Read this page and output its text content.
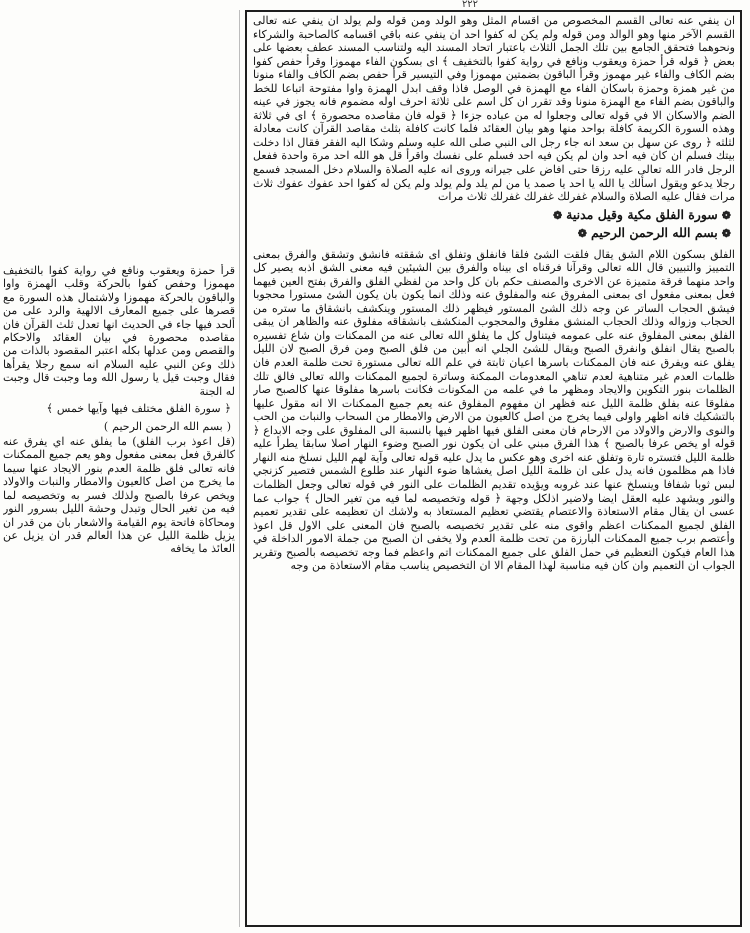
٢٢٢

قرأ حمزة ويعقوب ونافع في رواية كفوا بالتخفيف مهموزا وحفص كفوا بالحركة وقلب الهمزة واوا والباقون بالحركة مهموزا ولاشتمال هذه السورة مع قصرها على جميع المعارف الالهية والرد على من ألحد فيها جاء في الحديث انها تعدل ثلث القرآن فان مقاصده محصورة في بيان العقائد والاحكام والقصص ومن عدلها بكله اعتبر المقصود بالذات من ذلك وعن النبي عليه السلام انه سمع رجلا يقرأها فقال وجبت قيل يا رسول الله وما وجبت قال وجبت له الجنة

﴿سورة الفلق مختلف فيها وآيها خمس﴾
(بسم الله الرحمن الرحيم)

(قل اعوذ برب الفلق) ما يفلق عنه اي يفرق عنه كالفرق فعل بمعنى مفعول وهو يعم جميع الممكنات فانه تعالى فلق ظلمة العدم بنور الايجاد عنها سيما ما يخرج من اصل كالعيون والامطار والنبات والاولاد ويخص عرفا بالصبح ولذلك فسر به وتخصيصه لما فيه من تغير الحال وتبدل وحشة الليل بسرور النور ومحاكاة فاتحة يوم القيامة والاشعار بان من قدر ان يزيل ظلمة الليل عن هذا العالم قدر ان يزيل عن العائذ ما يخافه

ان ينفي عنه تعالى القسم المخصوص من اقسام المثل وهو الولد ومن قوله ولم يولد ان ينفي عنه تعالى القسم الآخر منها وهو الوالد ومن قوله ولم يكن له كفوا احد ان ينفي عنه باقي اقسامه كالصاحبة والشركاء ونحوهما فتحقق الجامع بين تلك الجمل الثلاث باعتبار اتحاد المسند اليه ولتناسب المسند عطف بعضها على بعض ﴿ قوله قرأ حمزة ويعقوب ونافع في رواية كفوا بالتخفيف ﴾ اى بسكون الفاء مهموزا وقرأ حفص كفوا بضم الكاف والفاء غير مهموز وقرأ الباقون بضمتين مهموزا وفي التيسير قرأ حفص بضم الكاف والفاء منونا من غير همزة وحمزة باسكان الفاء مع الهمزة في الوصل فاذا وقف ابدل الهمزة واوا مفتوحة اتباعا للخط والباقون بضم الفاء مع الهمزة منونا وقد تقرر ان كل اسم على ثلاثة احرف اوله مضموم فانه يجوز في عينه الضم والاسكان الا في قوله تعالى وجعلوا له من عباده جزءا ﴿ قوله فان مقاصده محصورة ﴾ اى في ثلاثة وهذه السورة الكريمة كافلة بواحد منها وهو بيان العقائد فلما كانت كافلة بثلث مقاصد القرآن كانت معادلة لثلثه ﴿ روى عن سهل بن سعد انه جاء رجل الى النبي صلى الله عليه وسلم وشكا اليه الفقر فقال اذا دخلت بيتك فسلم ان كان فيه احد وان لم يكن فيه احد فسلم على نفسك واقرأ قل هو الله احد مرة واحدة ففعل الرجل فادر الله تعالى عليه رزقا حتى افاض على جيرانه وروى انه عليه الصلاة والسلام دخل المسجد فسمع رجلا يدعو ويقول اسألك يا الله يا احد يا صمد يا من لم يلد ولم يولد ولم يكن له كفوا احد عفوك عفوك ثلاث مرات فقال عليه الصلاة والسلام غفرلك غفرلك غفرلك ثلاث مرات

❁سورة الفلق مكية وقيل مدنية❁

❁بسم الله الرحمن الرحيم❁

الفلق بسكون اللام الشق يقال فلقت الشئ فلقا فانفلق وتفلق اى شققته فانشق وتشقق والفرق بمعنى التمييز والتبيين قال الله تعالى وقرآنا فرقناه اى بيناه والفرق بين الشيئين فيه معنى الشق اذبه يصير كل واحد منهما فرقة متميزة عن الاخرى والمصنف حكم بان كل واحد من لفظي الفلق والفرق بفتح العين فيهما فعل بمعنى مفعول اى بمعنى المفروق عنه والمفلوق عنه وذلك انما يكون بان يكون الشئ مستورا محجوبا فيشق الحجاب الساتر عن وجه ذلك الشئ المستور فيظهر ذلك المستور وينكشف بانشقاق ما ستره من الحجاب وزواله وذلك الحجاب المنشق مفلوق والمحجوب المنكشف بانشقاقه مفلوق عنه والظاهر ان يبقى الفلق بمعنى المفلوق عنه على عمومه فيتناول كل ما يفلق الله تعالى عنه من الممكنات وان شاع تفسيره بالصبح يقال انفلق وانفرق الصبح ويقال للشئ الجلي انه أبين من فلق الصبح ومن فرق الصبح لان الليل يفلق عنه ويفرق عنه فان الممكنات باسرها اعيان ثابتة في علم الله تعالى مستورة تحت ظلمة العدم فان ظلمات العدم غير متناهية لعدم تناهي المعدومات الممكنة وساترة لجميع الممكنات والله تعالى فالق تلك الظلمات بنور التكوين والايجاد ومظهر ما في علمه من المكونات فكانت باسرها مفلوقا عنها كالصبح صار مفلوقا عنه بفلق ظلمة الليل عنه فظهر ان مفهوم المفلوق عنه يعم جميع الممكنات الا انه مقول عليها بالتشكيك فانه اظهر واولى فيما يخرج من اصل كالعيون من الارض والامطار من السحاب والنبات من الحب والنوى والارض والاولاد من الارحام فان معنى الفلق فيها اظهر فيها بالنسبة الى المفلوق على وجه الابداع ﴿ قوله او يخص عرفا بالصبح ﴾ هذا الفرق مبني على ان يكون نور الصبح وضوء النهار اصلا سابقا يطرأ عليه ظلمة الليل فتستره تارة وتفلق عنه اخرى وهو عكس ما يدل عليه قوله تعالى وآية لهم الليل نسلخ منه النهار فاذا هم مظلمون فانه يدل على ان ظلمة الليل اصل يغشاها ضوء النهار عند طلوع الشمس فتصير كزنجي لبس ثوبا شفافا وينسلخ عنها عند غروبه ويؤيده تقديم الظلمات على النور في قوله تعالى وجعل الظلمات والنور ويشهد عليه العقل ايضا ولاضير اذلكل وجهة ﴿ قوله وتخصيصه لما فيه من تغير الحال ﴾ جواب عما عسى ان يقال مقام الاستعاذة والاعتصام يقتضي تعظيم المستعاذ به ولاشك ان تعظيمه على تقدير تعميم الفلق لجميع الممكنات اعظم واقوى منه على تقدير تخصيصه بالصبح فان المعنى على الاول قل اعوذ وأعتصم برب جميع الممكنات البارزة من تحت ظلمة العدم ولا يخفى ان الصبح من جملة الامور الداخلة في هذا العام فيكون التعظيم في حمل الفلق على جميع الممكنات اتم واعظم فما وجه تخصيصه بالصبح وتقرير الجواب ان التعميم وان كان فيه مناسبة لهذا المقام الا ان التخصيص يناسب مقام الاستعاذة من وجه
